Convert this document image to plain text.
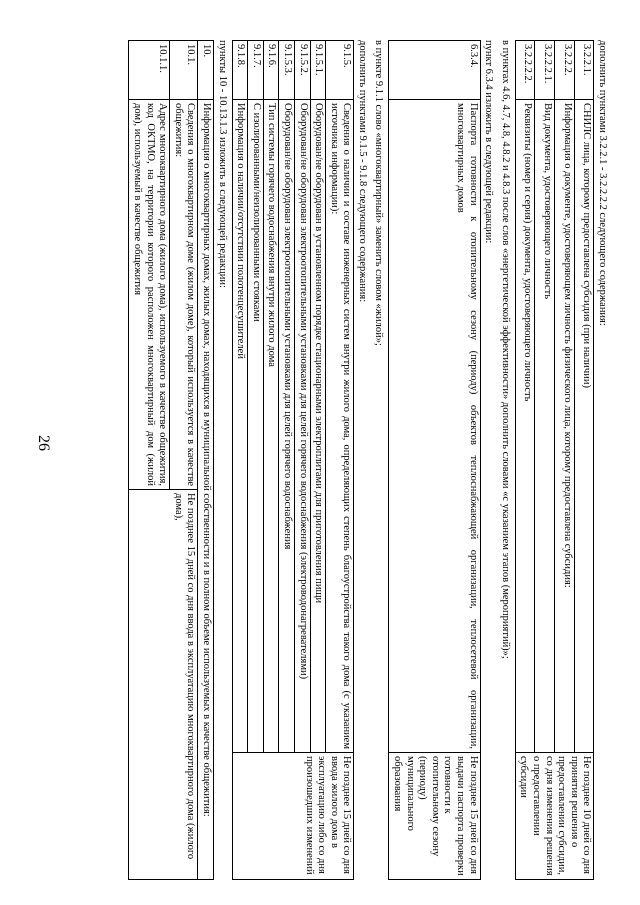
26
дополнить пунктами 3.2.2.1 - 3.2.2.2.2 следующего содержания:
3.2.2.1.	СНИЛС лица, которому предоставлена субсидия (при наличии)	Не позднее 10 дней со дня принятия решения о предоставлении субсидии, со дня изменения решения о предоставлении субсидии
3.2.2.2.	Информация о документе, удостоверяющем личность физического лица, которому предоставлена субсидия:	
3.2.2.2.1.	Вид документа, удостоверяющего личность	
3.2.2.2.2.	Реквизиты (номер и серия) документа, удостоверяющего личность	
в пунктах 4.6, 4.7, 4.8, 4.8.2 и 4.8.3 после слов «энергетической эффективности» дополнить словами «с указанием этапов (мероприятий)»;
пункт 6.3.4 изложить в следующей редакции:
6.3.4.	Паспорта готовности к отопительному сезону (периоду) объектов теплоснабжающей организации, теплосетевой организации, многоквартирных домов	Не позднее 15 дней со дня выдачи паспорта проверки готовности к отопительному сезону (периоду) муниципального образования
в пункте 9.1.1 слово «многоквартирный» заменить словом «жилой»;
дополнить пунктами 9.1.5 - 9.1.8 следующего содержания:
9.1.5.	Сведения о наличии и составе инженерных систем внутри жилого дома, определяющих степень благоустройства такого дома (с указанием источника информации):	Не позднее 15 дней со дня ввода жилого дома в эксплуатацию либо со дня произошедших изменений
9.1.5.1.	Оборудован/не оборудован в установленном порядке стационарными электроплитами для приготовления пищи	
9.1.5.2.	Оборудован/не оборудован электроотопительными установками для целей горячего водоснабжения (электроводонагревателями)	
9.1.5.3.	Оборудован/не оборудован электроотопительными установками для целей горячего водоснабжения	
9.1.6.	Тип системы горячего водоснабжения внутри жилого дома	
9.1.7.	С изолированными/неизолированными стояками	
9.1.8.	Информация о наличии/отсутствии полотенцесушителей	
пункты 10 - 10.13.1.3 изложить в следующей редакции:
10.	Информация о многоквартирных домах, жилых домах, находящихся в муниципальной собственности и в полном объеме используемых в качестве общежития:	
10.1.	Сведения о многоквартирном доме (жилом доме), который используется в качестве общежития:	Не позднее 15 дней со дня ввода в эксплуатацию многоквартирного дома (жилого дома),
10.1.1.	Адрес многоквартирного дома (жилого дома), используемого в качестве общежития, код ОКТМО, на территории которого расположен многоквартирный дом (жилой дом), используемый в качестве общежития	
